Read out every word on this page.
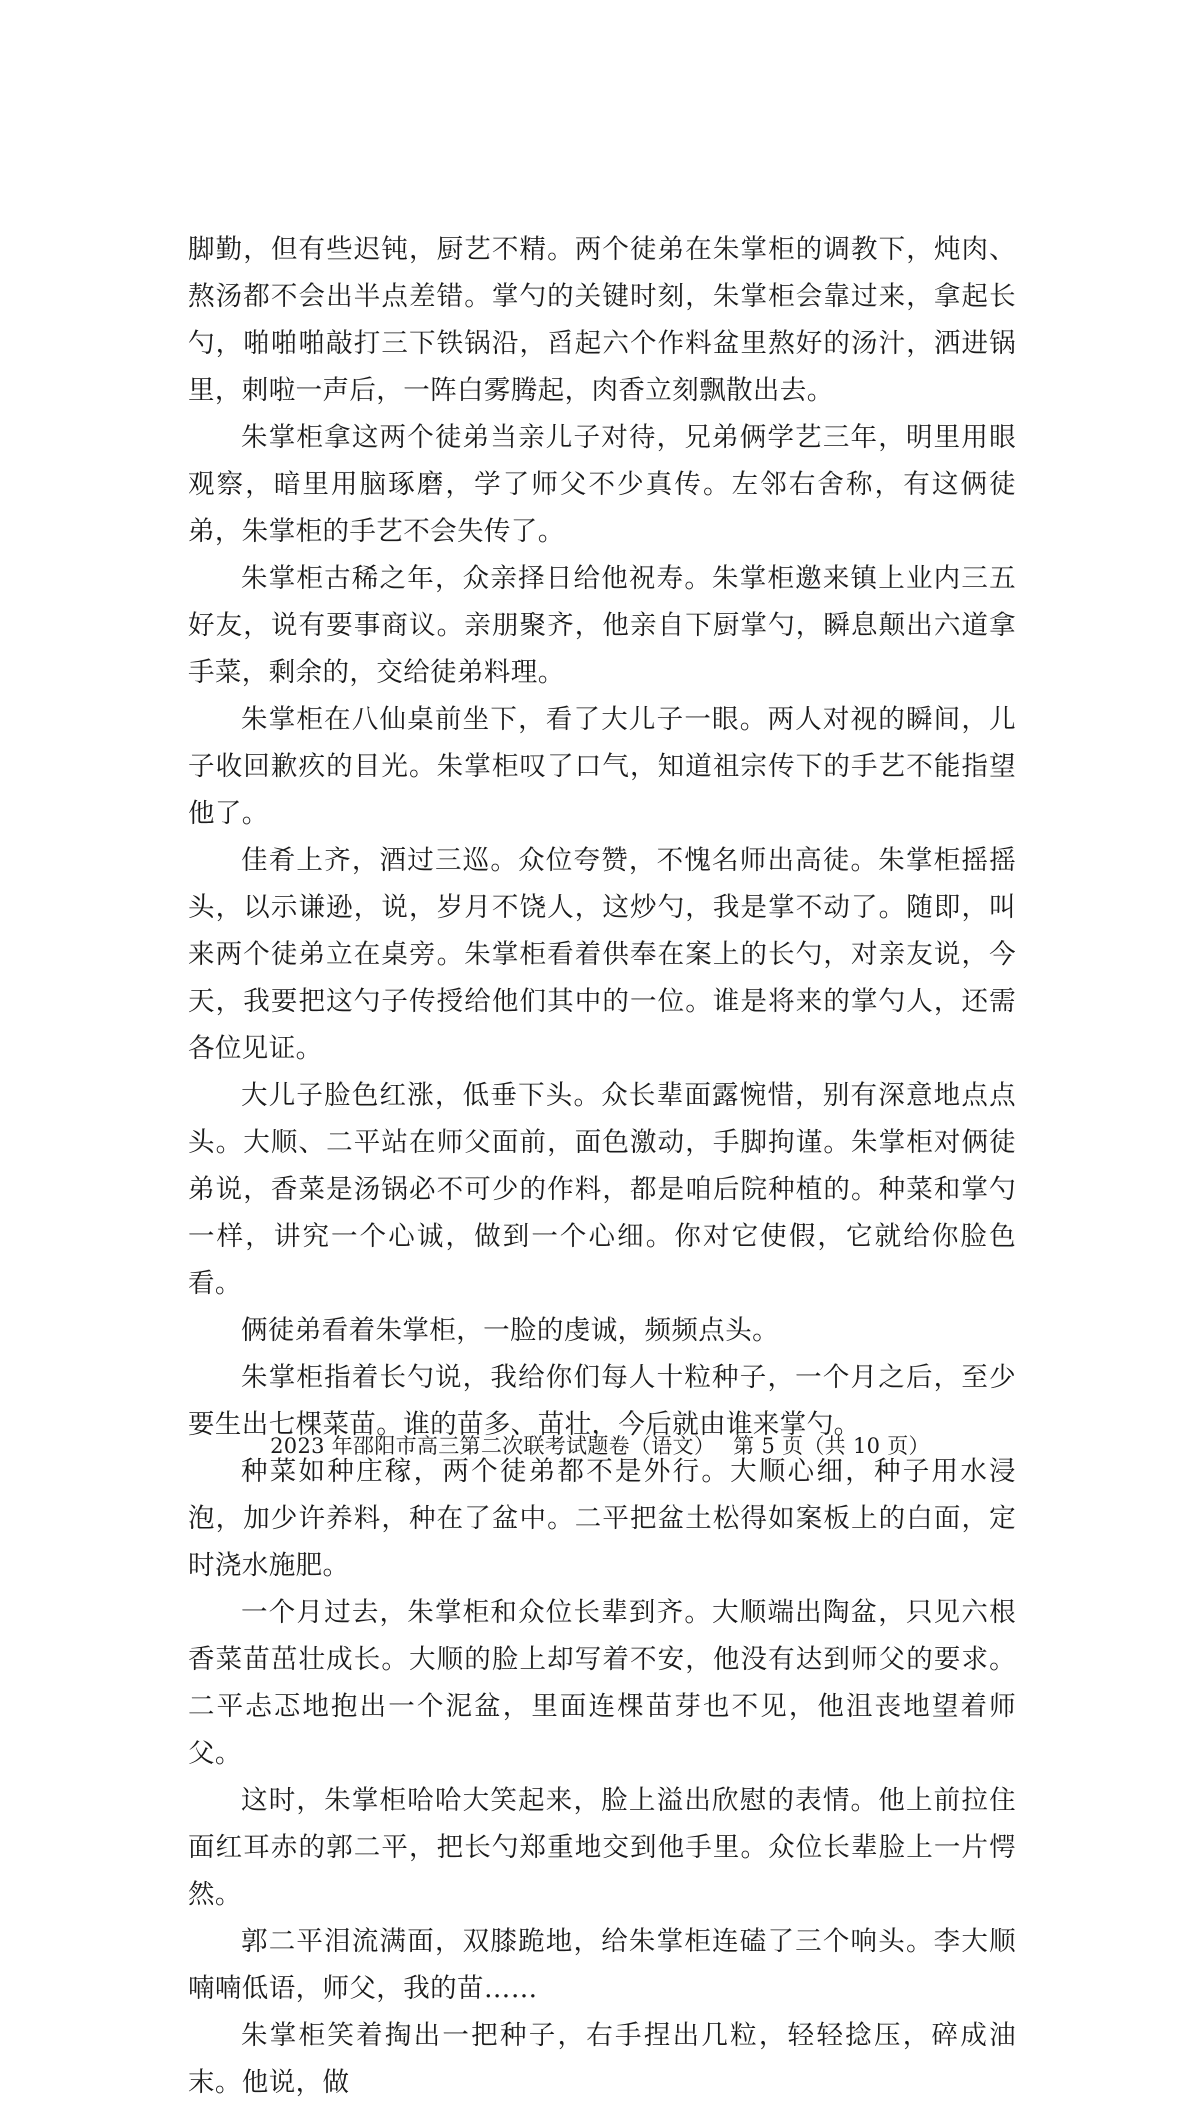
脚勤，但有些迟钝，厨艺不精。两个徒弟在朱掌柜的调教下，炖肉、熬汤都不会出半点差错。掌勺的关键时刻，朱掌柜会靠过来，拿起长勺，啪啪啪敲打三下铁锅沿，舀起六个作料盆里熬好的汤汁，洒进锅里，刺啦一声后，一阵白雾腾起，肉香立刻飘散出去。

朱掌柜拿这两个徒弟当亲儿子对待，兄弟俩学艺三年，明里用眼观察，暗里用脑琢磨，学了师父不少真传。左邻右舍称，有这俩徒弟，朱掌柜的手艺不会失传了。

朱掌柜古稀之年，众亲择日给他祝寿。朱掌柜邀来镇上业内三五好友，说有要事商议。亲朋聚齐，他亲自下厨掌勺，瞬息颠出六道拿手菜，剩余的，交给徒弟料理。

朱掌柜在八仙桌前坐下，看了大儿子一眼。两人对视的瞬间，儿子收回歉疚的目光。朱掌柜叹了口气，知道祖宗传下的手艺不能指望他了。

佳肴上齐，酒过三巡。众位夸赞，不愧名师出高徒。朱掌柜摇摇头，以示谦逊，说，岁月不饶人，这炒勺，我是掌不动了。随即，叫来两个徒弟立在桌旁。朱掌柜看着供奉在案上的长勺，对亲友说，今天，我要把这勺子传授给他们其中的一位。谁是将来的掌勺人，还需各位见证。

大儿子脸色红涨，低垂下头。众长辈面露惋惜，别有深意地点点头。大顺、二平站在师父面前，面色激动，手脚拘谨。朱掌柜对俩徒弟说，香菜是汤锅必不可少的作料，都是咱后院种植的。种菜和掌勺一样，讲究一个心诚，做到一个心细。你对它使假，它就给你脸色看。

俩徒弟看着朱掌柜，一脸的虔诚，频频点头。

朱掌柜指着长勺说，我给你们每人十粒种子，一个月之后，至少要生出七棵菜苗。谁的苗多、苗壮，今后就由谁来掌勺。

种菜如种庄稼，两个徒弟都不是外行。大顺心细，种子用水浸泡，加少许养料，种在了盆中。二平把盆土松得如案板上的白面，定时浇水施肥。

一个月过去，朱掌柜和众位长辈到齐。大顺端出陶盆，只见六根香菜苗茁壮成长。大顺的脸上却写着不安，他没有达到师父的要求。二平忐忑地抱出一个泥盆，里面连棵苗芽也不见，他沮丧地望着师父。

这时，朱掌柜哈哈大笑起来，脸上溢出欣慰的表情。他上前拉住面红耳赤的郭二平，把长勺郑重地交到他手里。众位长辈脸上一片愕然。

郭二平泪流满面，双膝跪地，给朱掌柜连磕了三个响头。李大顺喃喃低语，师父，我的苗……

朱掌柜笑着掏出一把种子，右手捏出几粒，轻轻捻压，碎成油末。他说，做

2023 年邵阳市高三第二次联考试题卷（语文） 第 5 页（共 10 页）
